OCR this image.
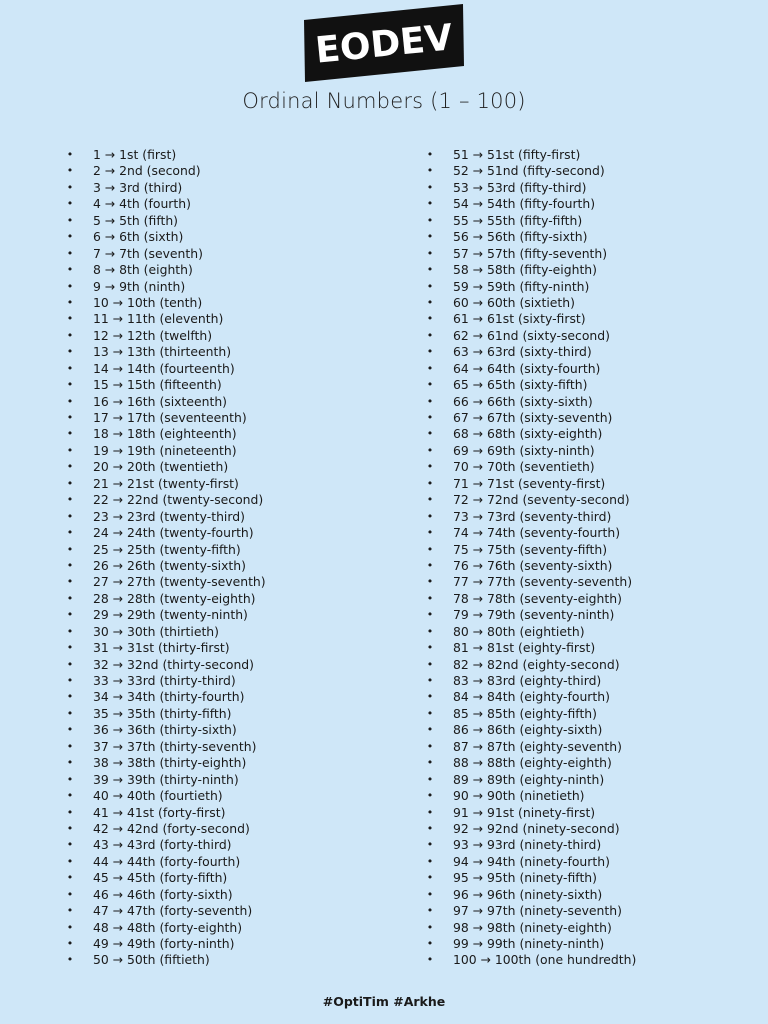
EODEV
Ordinal Numbers (1 – 100)
• 1 → 1st (first)
• 2 → 2nd (second)
• 3 → 3rd (third)
• 4 → 4th (fourth)
• 5 → 5th (fifth)
• 6 → 6th (sixth)
• 7 → 7th (seventh)
• 8 → 8th (eighth)
• 9 → 9th (ninth)
• 10 → 10th (tenth)
• 11 → 11th (eleventh)
• 12 → 12th (twelfth)
• 13 → 13th (thirteenth)
• 14 → 14th (fourteenth)
• 15 → 15th (fifteenth)
• 16 → 16th (sixteenth)
• 17 → 17th (seventeenth)
• 18 → 18th (eighteenth)
• 19 → 19th (nineteenth)
• 20 → 20th (twentieth)
• 21 → 21st (twenty-first)
• 22 → 22nd (twenty-second)
• 23 → 23rd (twenty-third)
• 24 → 24th (twenty-fourth)
• 25 → 25th (twenty-fifth)
• 26 → 26th (twenty-sixth)
• 27 → 27th (twenty-seventh)
• 28 → 28th (twenty-eighth)
• 29 → 29th (twenty-ninth)
• 30 → 30th (thirtieth)
• 31 → 31st (thirty-first)
• 32 → 32nd (thirty-second)
• 33 → 33rd (thirty-third)
• 34 → 34th (thirty-fourth)
• 35 → 35th (thirty-fifth)
• 36 → 36th (thirty-sixth)
• 37 → 37th (thirty-seventh)
• 38 → 38th (thirty-eighth)
• 39 → 39th (thirty-ninth)
• 40 → 40th (fourtieth)
• 41 → 41st (forty-first)
• 42 → 42nd (forty-second)
• 43 → 43rd (forty-third)
• 44 → 44th (forty-fourth)
• 45 → 45th (forty-fifth)
• 46 → 46th (forty-sixth)
• 47 → 47th (forty-seventh)
• 48 → 48th (forty-eighth)
• 49 → 49th (forty-ninth)
• 50 → 50th (fiftieth)
• 51 → 51st (fifty-first)
• 52 → 51nd (fifty-second)
• 53 → 53rd (fifty-third)
• 54 → 54th (fifty-fourth)
• 55 → 55th (fifty-fifth)
• 56 → 56th (fifty-sixth)
• 57 → 57th (fifty-seventh)
• 58 → 58th (fifty-eighth)
• 59 → 59th (fifty-ninth)
• 60 → 60th (sixtieth)
• 61 → 61st (sixty-first)
• 62 → 61nd (sixty-second)
• 63 → 63rd (sixty-third)
• 64 → 64th (sixty-fourth)
• 65 → 65th (sixty-fifth)
• 66 → 66th (sixty-sixth)
• 67 → 67th (sixty-seventh)
• 68 → 68th (sixty-eighth)
• 69 → 69th (sixty-ninth)
• 70 → 70th (seventieth)
• 71 → 71st (seventy-first)
• 72 → 72nd (seventy-second)
• 73 → 73rd (seventy-third)
• 74 → 74th (seventy-fourth)
• 75 → 75th (seventy-fifth)
• 76 → 76th (seventy-sixth)
• 77 → 77th (seventy-seventh)
• 78 → 78th (seventy-eighth)
• 79 → 79th (seventy-ninth)
• 80 → 80th (eightieth)
• 81 → 81st (eighty-first)
• 82 → 82nd (eighty-second)
• 83 → 83rd (eighty-third)
• 84 → 84th (eighty-fourth)
• 85 → 85th (eighty-fifth)
• 86 → 86th (eighty-sixth)
• 87 → 87th (eighty-seventh)
• 88 → 88th (eighty-eighth)
• 89 → 89th (eighty-ninth)
• 90 → 90th (ninetieth)
• 91 → 91st (ninety-first)
• 92 → 92nd (ninety-second)
• 93 → 93rd (ninety-third)
• 94 → 94th (ninety-fourth)
• 95 → 95th (ninety-fifth)
• 96 → 96th (ninety-sixth)
• 97 → 97th (ninety-seventh)
• 98 → 98th (ninety-eighth)
• 99 → 99th (ninety-ninth)
• 100 → 100th (one hundredth)
#OptiTim #Arkhe
